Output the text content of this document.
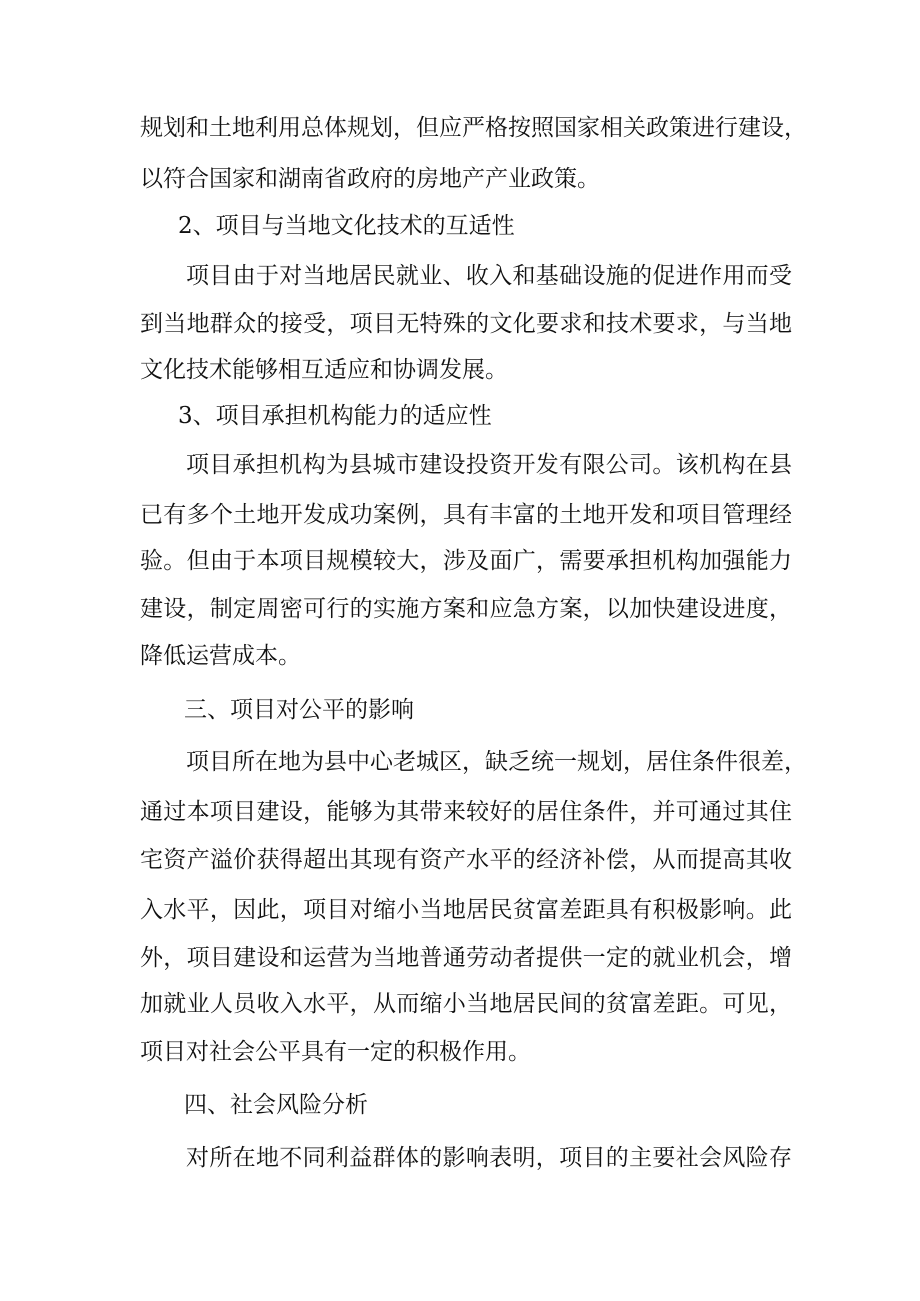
规划和土地利用总体规划，但应严格按照国家相关政策进行建设，
以符合国家和湖南省政府的房地产产业政策。
2、项目与当地文化技术的互适性
项目由于对当地居民就业、收入和基础设施的促进作用而受
到当地群众的接受，项目无特殊的文化要求和技术要求，与当地
文化技术能够相互适应和协调发展。
3、项目承担机构能力的适应性
项目承担机构为县城市建设投资开发有限公司。该机构在县
已有多个土地开发成功案例，具有丰富的土地开发和项目管理经
验。但由于本项目规模较大，涉及面广，需要承担机构加强能力
建设，制定周密可行的实施方案和应急方案，以加快建设进度，
降低运营成本。
三、项目对公平的影响
项目所在地为县中心老城区，缺乏统一规划，居住条件很差，
通过本项目建设，能够为其带来较好的居住条件，并可通过其住
宅资产溢价获得超出其现有资产水平的经济补偿，从而提高其收
入水平，因此，项目对缩小当地居民贫富差距具有积极影响。此
外，项目建设和运营为当地普通劳动者提供一定的就业机会，增
加就业人员收入水平，从而缩小当地居民间的贫富差距。可见，
项目对社会公平具有一定的积极作用。
四、社会风险分析
对所在地不同利益群体的影响表明，项目的主要社会风险存
